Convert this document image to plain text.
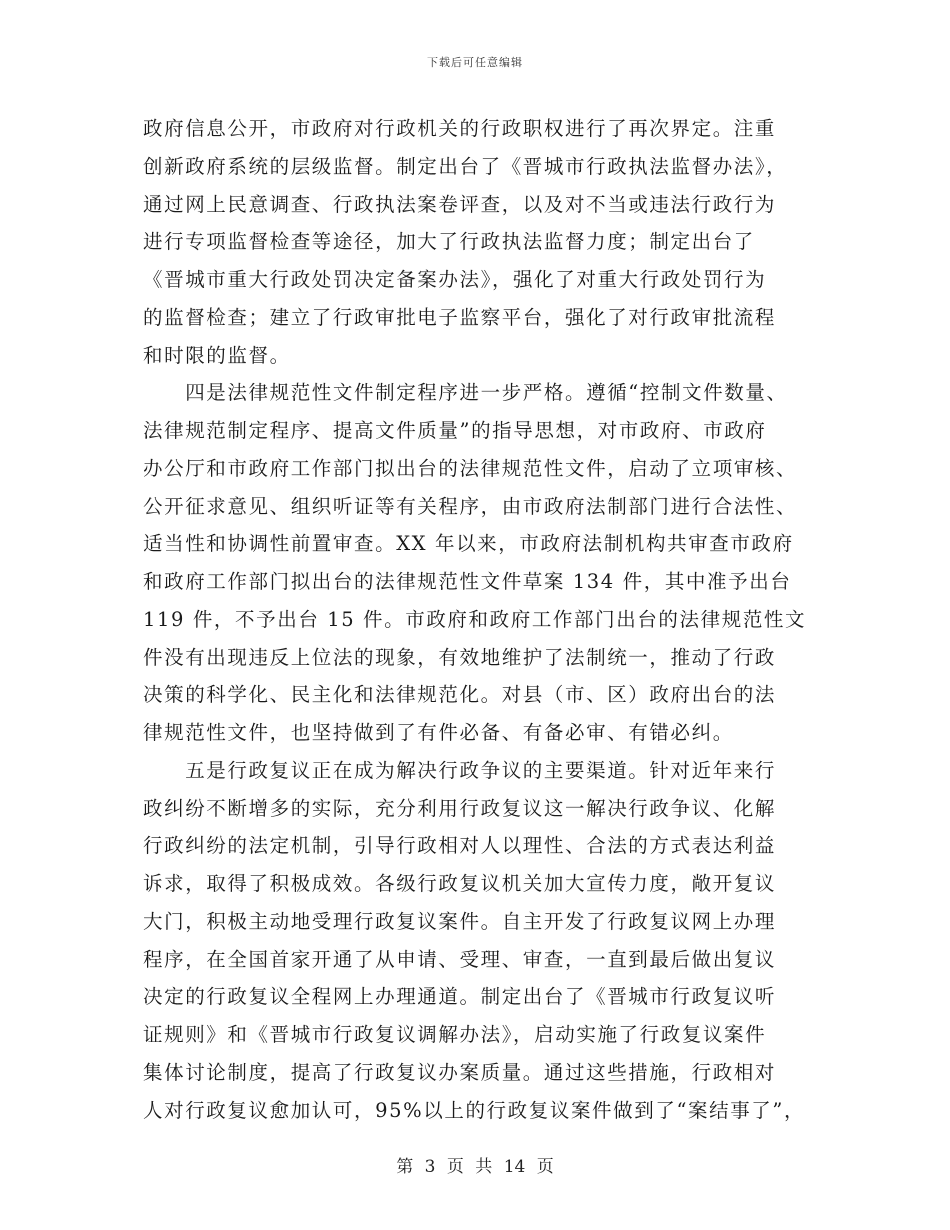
下载后可任意编辑
政府信息公开，市政府对行政机关的行政职权进行了再次界定。注重
创新政府系统的层级监督。制定出台了《晋城市行政执法监督办法》，
通过网上民意调查、行政执法案卷评查，以及对不当或违法行政行为
进行专项监督检查等途径，加大了行政执法监督力度；制定出台了
《晋城市重大行政处罚决定备案办法》，强化了对重大行政处罚行为
的监督检查；建立了行政审批电子监察平台，强化了对行政审批流程
和时限的监督。
　　四是法律规范性文件制定程序进一步严格。遵循“控制文件数量、
法律规范制定程序、提高文件质量”的指导思想，对市政府、市政府
办公厅和市政府工作部门拟出台的法律规范性文件，启动了立项审核、
公开征求意见、组织听证等有关程序，由市政府法制部门进行合法性、
适当性和协调性前置审查。XX 年以来，市政府法制机构共审查市政府
和政府工作部门拟出台的法律规范性文件草案 134 件，其中准予出台
119 件，不予出台 15 件。市政府和政府工作部门出台的法律规范性文
件没有出现违反上位法的现象，有效地维护了法制统一，推动了行政
决策的科学化、民主化和法律规范化。对县（市、区）政府出台的法
律规范性文件，也坚持做到了有件必备、有备必审、有错必纠。
　　五是行政复议正在成为解决行政争议的主要渠道。针对近年来行
政纠纷不断增多的实际，充分利用行政复议这一解决行政争议、化解
行政纠纷的法定机制，引导行政相对人以理性、合法的方式表达利益
诉求，取得了积极成效。各级行政复议机关加大宣传力度，敞开复议
大门，积极主动地受理行政复议案件。自主开发了行政复议网上办理
程序，在全国首家开通了从申请、受理、审查，一直到最后做出复议
决定的行政复议全程网上办理通道。制定出台了《晋城市行政复议听
证规则》和《晋城市行政复议调解办法》，启动实施了行政复议案件
集体讨论制度，提高了行政复议办案质量。通过这些措施，行政相对
人对行政复议愈加认可，95%以上的行政复议案件做到了“案结事了”，
第 3 页 共 14 页
